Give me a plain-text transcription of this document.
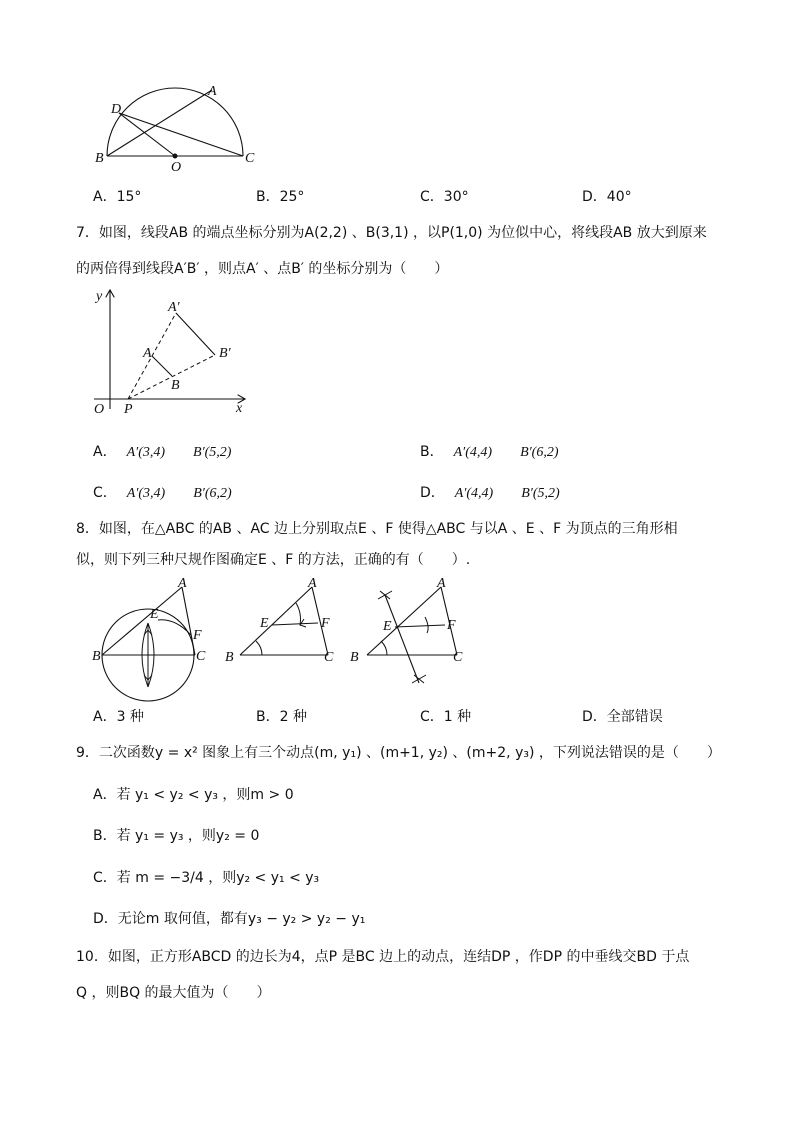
D
A
B
O
C
A．15°	B．25°	C．30°	D．40°
7．如图，线段AB 的端点坐标分别为A(2,2) 、B(3,1) ，以P(1,0) 为位似中心，将线段AB 放大到原来
的两倍得到线段A′B′ ，则点A′ 、点B′ 的坐标分别为（　　）
y
x
O P
A
B
A′
B′
A． A′(3,4) B′(5,2)	B． A′(4,4) B′(6,2)
C． A′(3,4) B′(6,2)	D． A′(4,4) B′(5,2)
8．如图，在△ABC 的AB 、AC 边上分别取点E 、F 使得△ABC 与以A 、E 、F 为顶点的三角形相
似，则下列三种尺规作图确定E 、F 的方法，正确的有（　　）.
A
E
F
B	C
A
E	F
B	C
A
E	F
B	C
A．3 种	B．2 种	C．1 种	D．全部错误
9．二次函数y = x² 图象上有三个动点(m, y₁) 、(m+1, y₂) 、(m+2, y₃) ，下列说法错误的是（　　）
A．若 y₁ < y₂ < y₃ ，则m > 0
B．若 y₁ = y₃ ，则y₂ = 0
C．若 m = −3/4 ，则y₂ < y₁ < y₃
D．无论m 取何值，都有y₃ − y₂ > y₂ − y₁
10．如图，正方形ABCD 的边长为4，点P 是BC 边上的动点，连结DP ，作DP 的中垂线交BD 于点
Q ，则BQ 的最大值为（　　）
